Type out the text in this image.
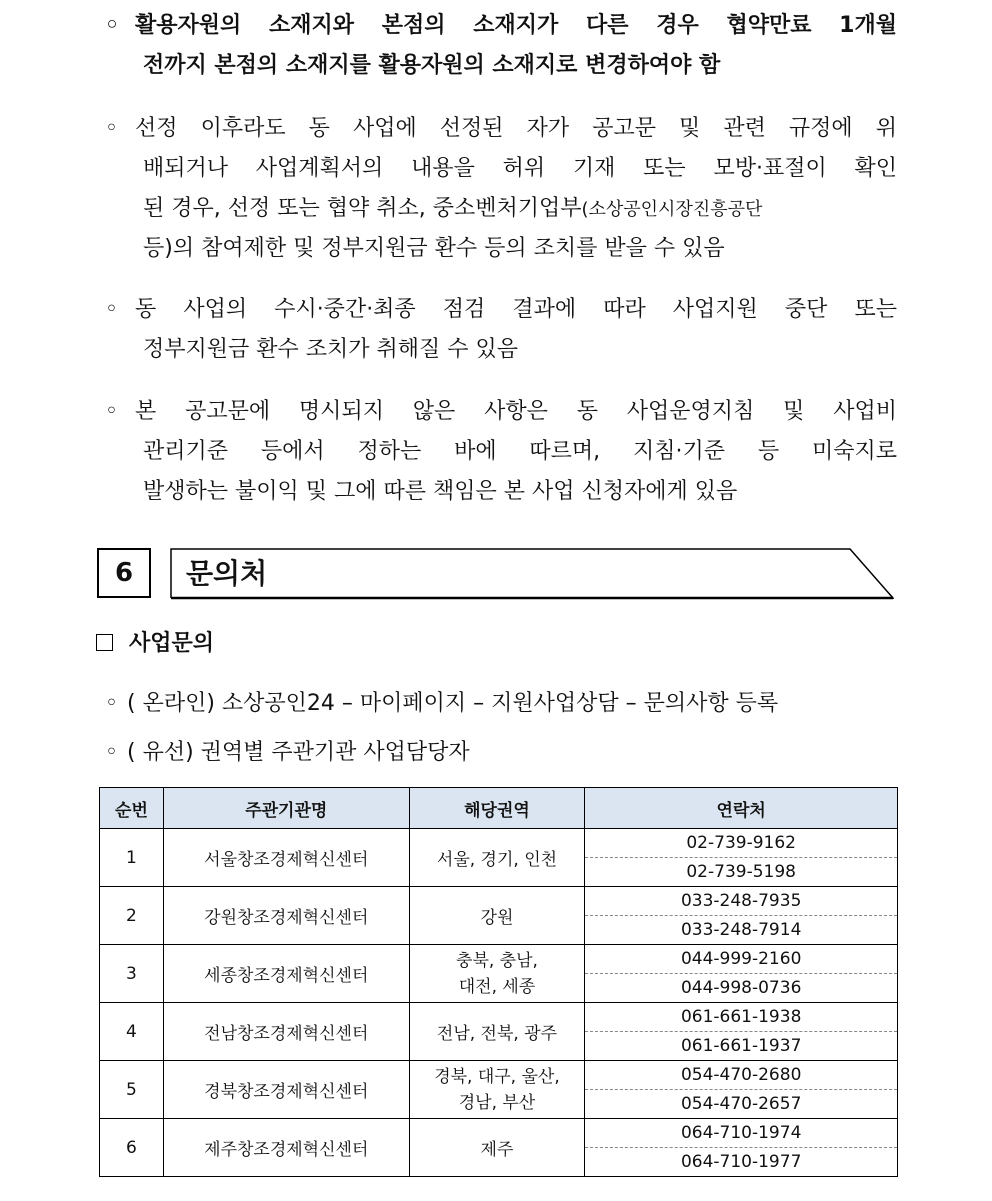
◦ 활용자원의 소재지와 본점의 소재지가 다른 경우 협약만료 1개월
전까지 본점의 소재지를 활용자원의 소재지로 변경하여야 함
◦ 선정 이후라도 동 사업에 선정된 자가 공고문 및 관련 규정에 위
배되거나 사업계획서의 내용을 허위 기재 또는 모방·표절이 확인
된 경우, 선정 또는 협약 취소, 중소벤처기업부(소상공인시장진흥공단
등)의 참여제한 및 정부지원금 환수 등의 조치를 받을 수 있음
◦ 동 사업의 수시·중간·최종 점검 결과에 따라 사업지원 중단 또는
정부지원금 환수 조치가 취해질 수 있음
◦ 본 공고문에 명시되지 않은 사항은 동 사업운영지침 및 사업비
관리기준 등에서 정하는 바에 따르며, 지침·기준 등 미숙지로
발생하는 불이익 및 그에 따른 책임은 본 사업 신청자에게 있음
6	문의처
사업문의
◦ ( 온라인) 소상공인24 – 마이페이지 – 지원사업상담 – 문의사항 등록
◦ ( 유선) 권역별 주관기관 사업담당자
순번	주관기관명	해당권역	연락처
1	서울창조경제혁신센터	서울, 경기, 인천	02-739-9162
			02-739-5198
2	강원창조경제혁신센터	강원	033-248-7935
			033-248-7914
3	세종창조경제혁신센터	충북, 충남,
대전, 세종	044-999-2160
			044-998-0736
4	전남창조경제혁신센터	전남, 전북, 광주	061-661-1938
			061-661-1937
5	경북창조경제혁신센터	경북, 대구, 울산,
경남, 부산	054-470-2680
			054-470-2657
6	제주창조경제혁신센터	제주	064-710-1974
			064-710-1977
